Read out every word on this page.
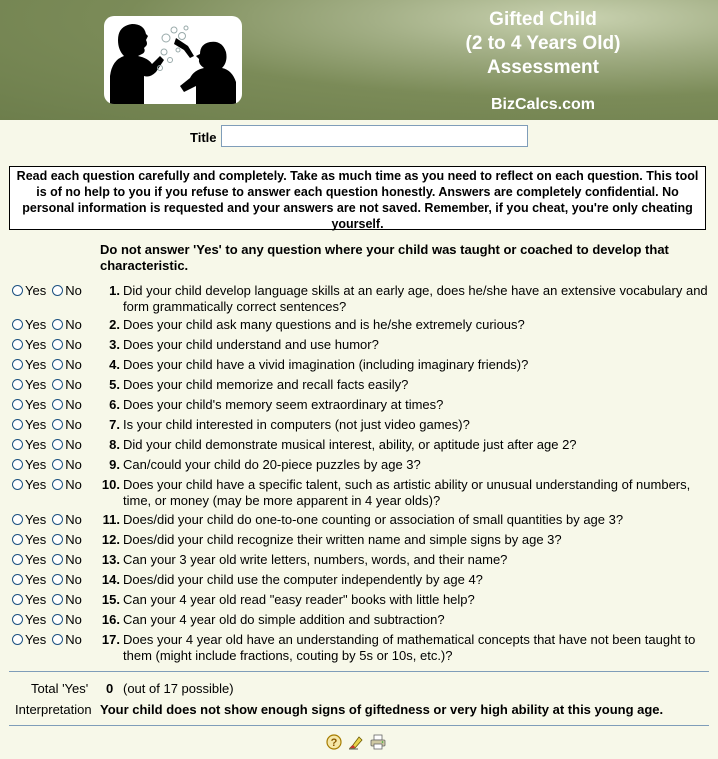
Gifted Child
(2 to 4 Years Old)
Assessment
BizCalcs.com
Title
Read each question carefully and completely. Take as much time as you need to reflect on each question. This tool is of no help to you if you refuse to answer each question honestly. Answers are completely confidential. No personal information is requested and your answers are not saved. Remember, if you cheat, you're only cheating yourself.
Do not answer 'Yes' to any question where your child was taught or coached to develop that characteristic.
Yes No	1. Did your child develop language skills at an early age, does he/she have an extensive vocabulary and form grammatically correct sentences?
Yes No	2. Does your child ask many questions and is he/she extremely curious?
Yes No	3. Does your child understand and use humor?
Yes No	4. Does your child have a vivid imagination (including imaginary friends)?
Yes No	5. Does your child memorize and recall facts easily?
Yes No	6. Does your child's memory seem extraordinary at times?
Yes No	7. Is your child interested in computers (not just video games)?
Yes No	8. Did your child demonstrate musical interest, ability, or aptitude just after age 2?
Yes No	9. Can/could your child do 20-piece puzzles by age 3?
Yes No	10. Does your child have a specific talent, such as artistic ability or unusual understanding of numbers, time, or money (may be more apparent in 4 year olds)?
Yes No	11. Does/did your child do one-to-one counting or association of small quantities by age 3?
Yes No	12. Does/did your child recognize their written name and simple signs by age 3?
Yes No	13. Can your 3 year old write letters, numbers, words, and their name?
Yes No	14. Does/did your child use the computer independently by age 4?
Yes No	15. Can your 4 year old read "easy reader" books with little help?
Yes No	16. Can your 4 year old do simple addition and subtraction?
Yes No	17. Does your 4 year old have an understanding of mathematical concepts that have not been taught to them (might include fractions, couting by 5s or 10s, etc.)?
Total 'Yes' 0 (out of 17 possible)
Interpretation Your child does not show enough signs of giftedness or very high ability at this young age.
?
